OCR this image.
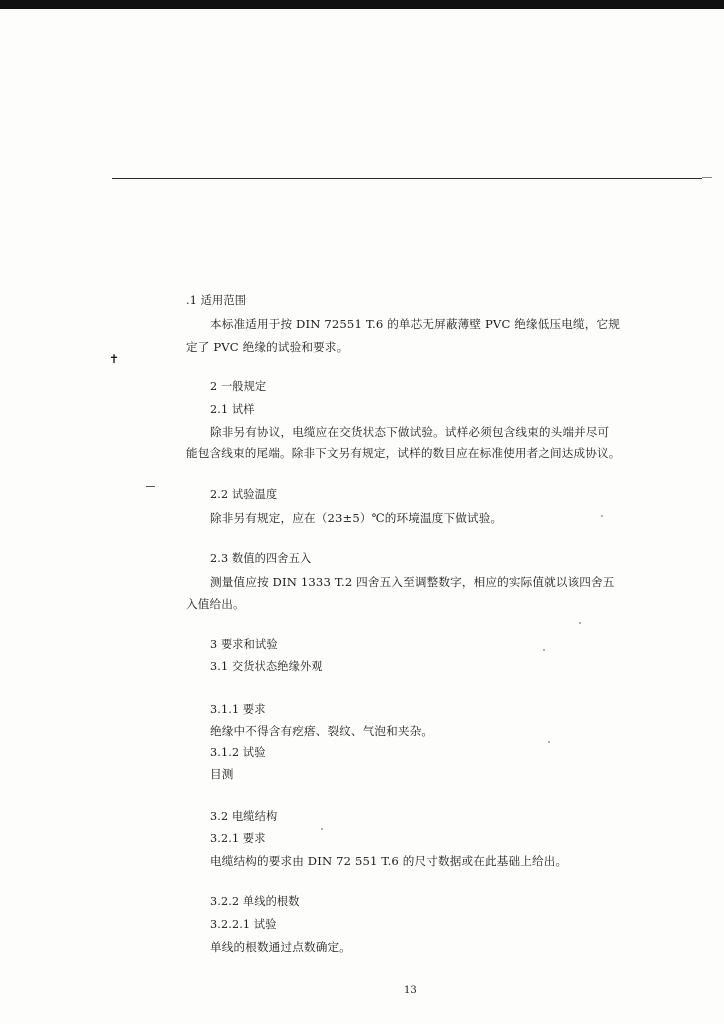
✝
.1 适用范围
本标准适用于按 DIN 72551 T.6 的单芯无屏蔽薄壁 PVC 绝缘低压电缆，它规
定了 PVC 绝缘的试验和要求。
2 一般规定
2.1 试样
除非另有协议，电缆应在交货状态下做试验。试样必须包含线束的头端并尽可
能包含线束的尾端。除非下文另有规定，试样的数目应在标准使用者之间达成协议。
2.2 试验温度
除非另有规定，应在（23±5）℃的环境温度下做试验。
2.3 数值的四舍五入
测量值应按 DIN 1333 T.2 四舍五入至调整数字，相应的实际值就以该四舍五
入值给出。
3 要求和试验
3.1 交货状态绝缘外观
3.1.1 要求
绝缘中不得含有疙瘩、裂纹、气泡和夹杂。
3.1.2 试验
目测
3.2 电缆结构
3.2.1 要求
电缆结构的要求由 DIN 72 551 T.6 的尺寸数据或在此基础上给出。
3.2.2 单线的根数
3.2.2.1 试验
单线的根数通过点数确定。
13
